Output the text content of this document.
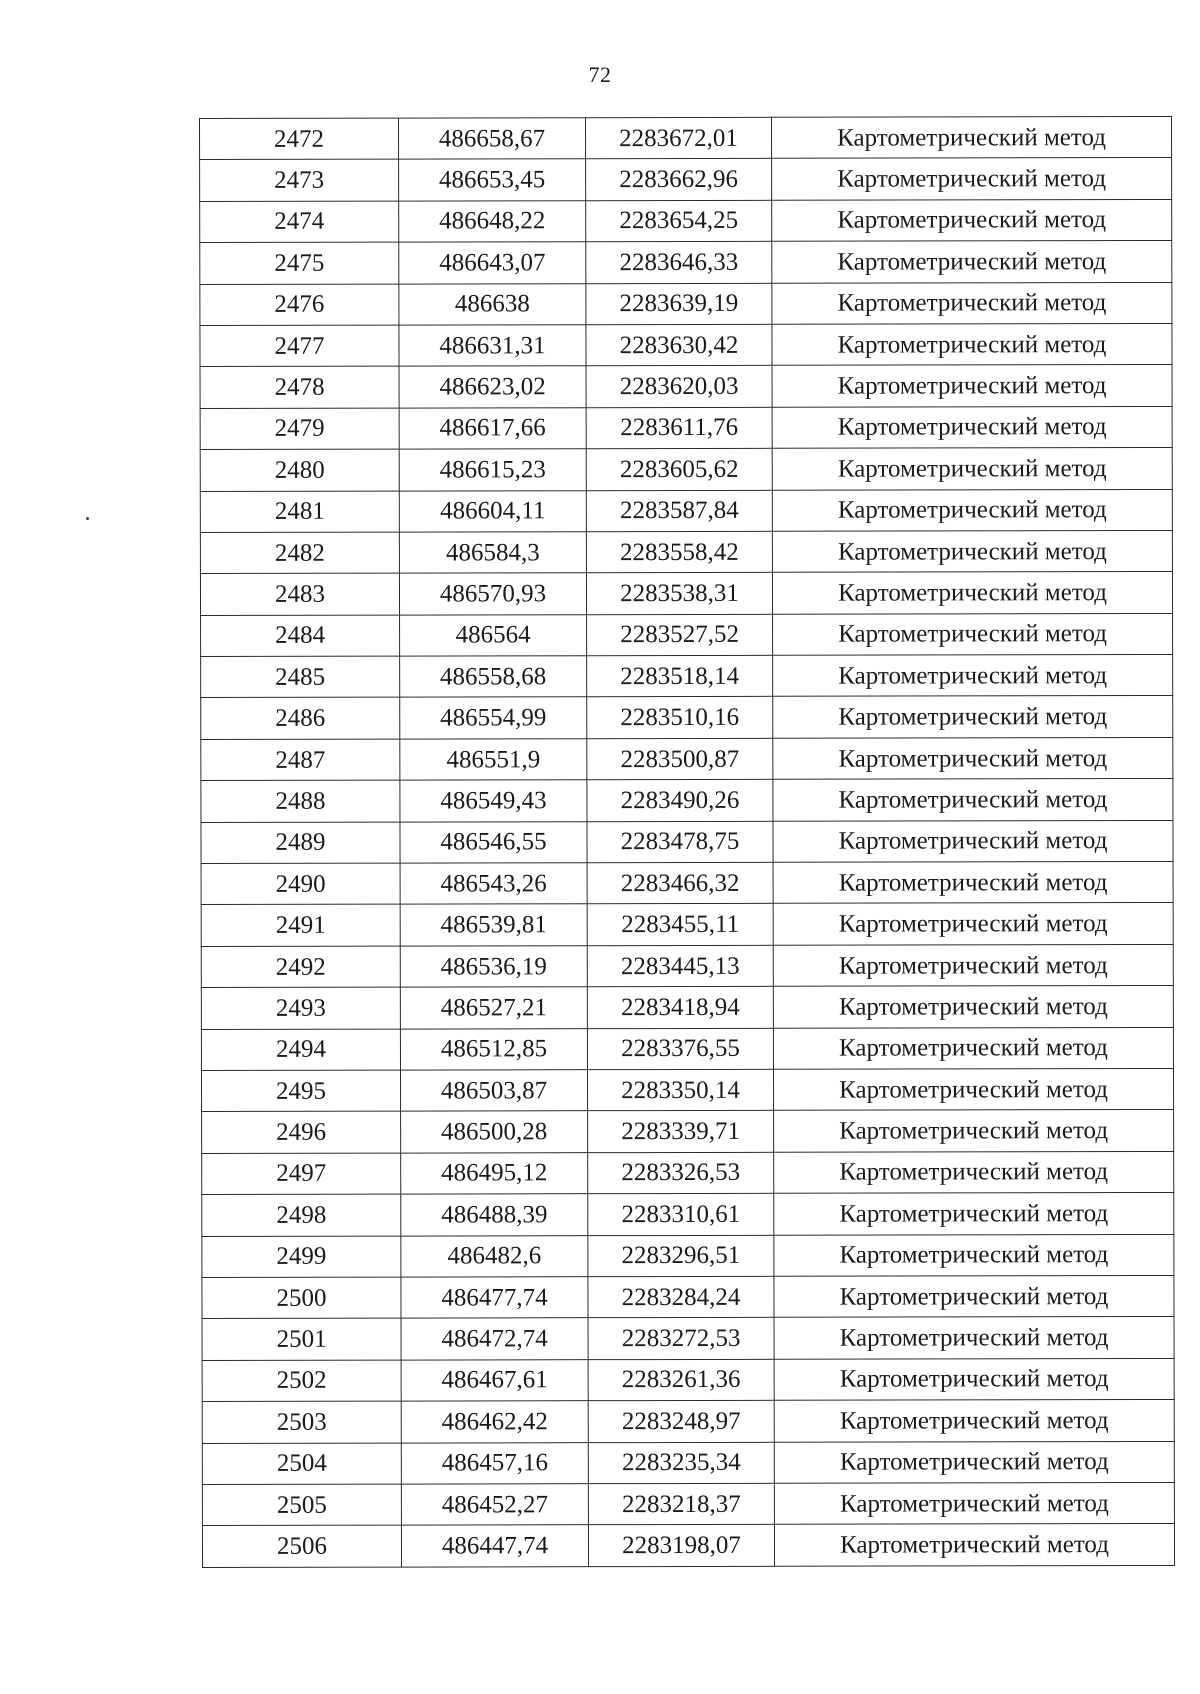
72
2472	486658,67	2283672,01	Картометрический метод
2473	486653,45	2283662,96	Картометрический метод
2474	486648,22	2283654,25	Картометрический метод
2475	486643,07	2283646,33	Картометрический метод
2476	486638	2283639,19	Картометрический метод
2477	486631,31	2283630,42	Картометрический метод
2478	486623,02	2283620,03	Картометрический метод
2479	486617,66	2283611,76	Картометрический метод
2480	486615,23	2283605,62	Картометрический метод
2481	486604,11	2283587,84	Картометрический метод
2482	486584,3	2283558,42	Картометрический метод
2483	486570,93	2283538,31	Картометрический метод
2484	486564	2283527,52	Картометрический метод
2485	486558,68	2283518,14	Картометрический метод
2486	486554,99	2283510,16	Картометрический метод
2487	486551,9	2283500,87	Картометрический метод
2488	486549,43	2283490,26	Картометрический метод
2489	486546,55	2283478,75	Картометрический метод
2490	486543,26	2283466,32	Картометрический метод
2491	486539,81	2283455,11	Картометрический метод
2492	486536,19	2283445,13	Картометрический метод
2493	486527,21	2283418,94	Картометрический метод
2494	486512,85	2283376,55	Картометрический метод
2495	486503,87	2283350,14	Картометрический метод
2496	486500,28	2283339,71	Картометрический метод
2497	486495,12	2283326,53	Картометрический метод
2498	486488,39	2283310,61	Картометрический метод
2499	486482,6	2283296,51	Картометрический метод
2500	486477,74	2283284,24	Картометрический метод
2501	486472,74	2283272,53	Картометрический метод
2502	486467,61	2283261,36	Картометрический метод
2503	486462,42	2283248,97	Картометрический метод
2504	486457,16	2283235,34	Картометрический метод
2505	486452,27	2283218,37	Картометрический метод
2506	486447,74	2283198,07	Картометрический метод
